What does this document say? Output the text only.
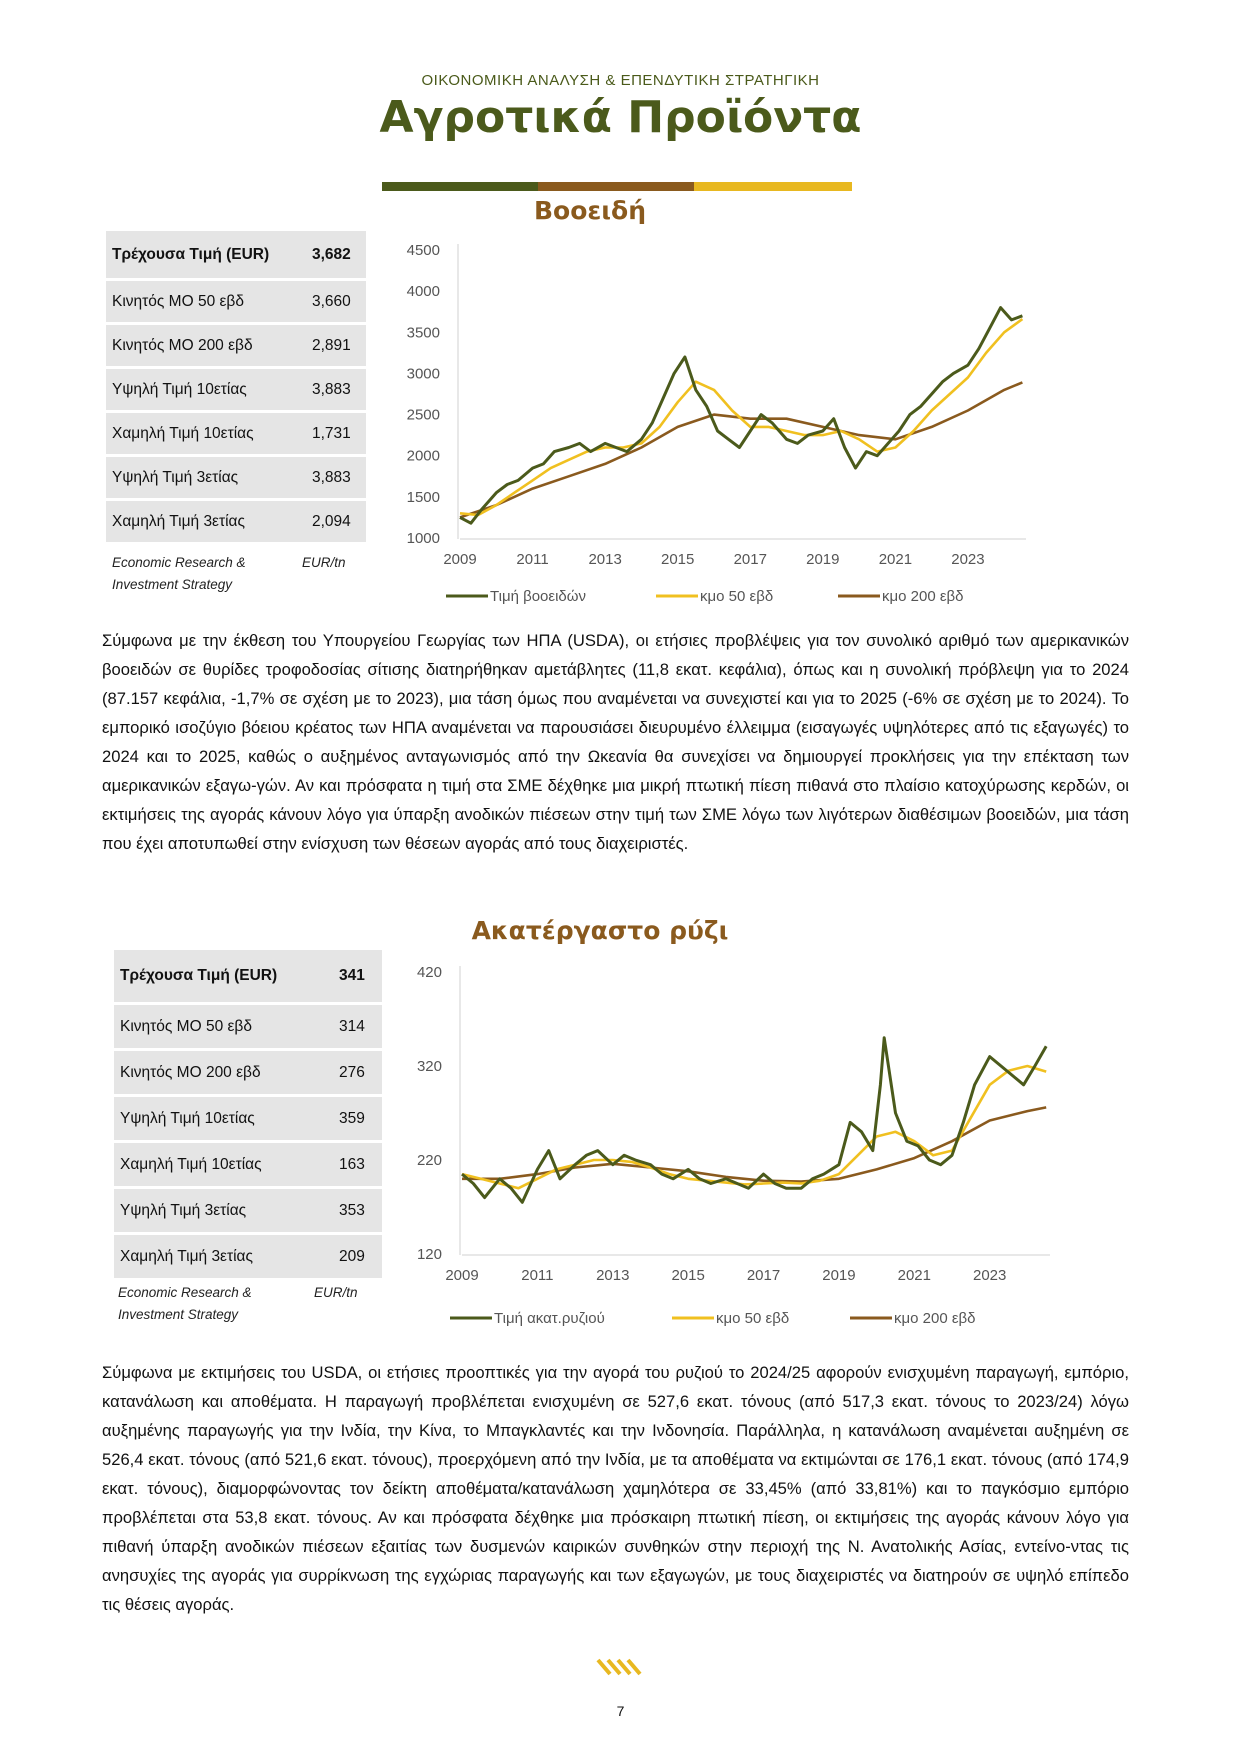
ΟΙΚΟΝΟΜΙΚΗ ΑΝΑΛΥΣΗ & ΕΠΕΝΔΥΤΙΚΗ ΣΤΡΑΤΗΓΙΚΗ
Αγροτικά Προϊόντα
Βοοειδή
Τρέχουσα Τιμή (EUR)	3,682
Κινητός ΜΟ 50 εβδ	3,660
Κινητός ΜΟ 200 εβδ	2,891
Υψηλή Τιμή 10ετίας	3,883
Χαμηλή Τιμή 10ετίας	1,731
Υψηλή Τιμή 3ετίας	3,883
Χαμηλή Τιμή 3ετίας	2,094
Economic Research &
Investment Strategy
EUR/tn
4500
4000
3500
3000
2500
2000
1500
1000
2009	2011	2013	2015	2017	2019	2021	2023
Τιμή βοοειδών	κμο 50 εβδ	κμο 200 εβδ
Σύμφωνα με την έκθεση του Υπουργείου Γεωργίας των ΗΠΑ (USDA), οι ετήσιες προβλέψεις για τον συνολικό αριθμό των αμερικανικών βοοειδών σε θυρίδες τροφοδοσίας σίτισης διατηρήθηκαν αμετάβλητες (11,8 εκατ. κεφάλια), όπως και η συνολική πρόβλεψη για το 2024 (87.157 κεφάλια, -1,7% σε σχέση με το 2023), μια τάση όμως που αναμένεται να συνεχιστεί και για το 2025 (-6% σε σχέση με το 2024). Το εμπορικό ισοζύγιο βόειου κρέατος των ΗΠΑ αναμένεται να παρουσιάσει διευρυμένο έλλειμμα (εισαγωγές υψηλότερες από τις εξαγωγές) το 2024 και το 2025, καθώς ο αυξημένος ανταγωνισμός από την Ωκεανία θα συνεχίσει να δημιουργεί προκλήσεις για την επέκταση των αμερικανικών εξαγω-γών. Αν και πρόσφατα η τιμή στα ΣΜΕ δέχθηκε μια μικρή πτωτική πίεση πιθανά στο πλαίσιο κατοχύρωσης κερδών, οι εκτιμήσεις της αγοράς κάνουν λόγο για ύπαρξη ανοδικών πιέσεων στην τιμή των ΣΜΕ λόγω των λιγότερων διαθέσιμων βοοειδών, μια τάση που έχει αποτυπωθεί στην ενίσχυση των θέσεων αγοράς από τους διαχειριστές.
Ακατέργαστο ρύζι
Τρέχουσα Τιμή (EUR)	341
Κινητός ΜΟ 50 εβδ	314
Κινητός ΜΟ 200 εβδ	276
Υψηλή Τιμή 10ετίας	359
Χαμηλή Τιμή 10ετίας	163
Υψηλή Τιμή 3ετίας	353
Χαμηλή Τιμή 3ετίας	209
Economic Research &
Investment Strategy
EUR/tn
420
320
220
120
2009	2011	2013	2015	2017	2019	2021	2023
Τιμή ακατ.ρυζιού	κμο 50 εβδ	κμο 200 εβδ
Σύμφωνα με εκτιμήσεις του USDA, οι ετήσιες προοπτικές για την αγορά του ρυζιού το 2024/25 αφορούν ενισχυμένη παραγωγή, εμπόριο, κατανάλωση και αποθέματα. Η παραγωγή προβλέπεται ενισχυμένη σε 527,6 εκατ. τόνους (από 517,3 εκατ. τόνους το 2023/24) λόγω αυξημένης παραγωγής για την Ινδία, την Κίνα, το Μπαγκλαντές και την Ινδονησία. Παράλληλα, η κατανάλωση αναμένεται αυξημένη σε 526,4 εκατ. τόνους (από 521,6 εκατ. τόνους), προερχόμενη από την Ινδία, με τα αποθέματα να εκτιμώνται σε 176,1 εκατ. τόνους (από 174,9 εκατ. τόνους), διαμορφώνοντας τον δείκτη αποθέματα/κατανάλωση χαμηλότερα σε 33,45% (από 33,81%) και το παγκόσμιο εμπόριο προβλέπεται στα 53,8 εκατ. τόνους. Αν και πρόσφατα δέχθηκε μια πρόσκαιρη πτωτική πίεση, οι εκτιμήσεις της αγοράς κάνουν λόγο για πιθανή ύπαρξη ανοδικών πιέσεων εξαιτίας των δυσμενών καιρικών συνθηκών στην περιοχή της Ν. Ανατολικής Ασίας, εντείνο-ντας τις ανησυχίες της αγοράς για συρρίκνωση της εγχώριας παραγωγής και των εξαγωγών, με τους διαχειριστές να διατηρούν σε υψηλό επίπεδο τις θέσεις αγοράς.
7
